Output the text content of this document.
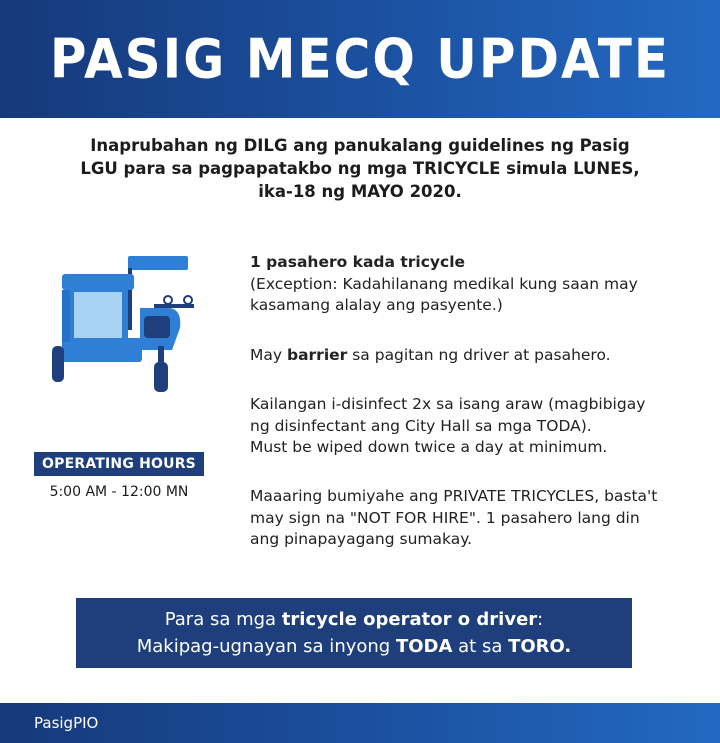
PASIG MECQ UPDATE
Inaprubahan ng DILG ang panukalang guidelines ng Pasig
LGU para sa pagpapatakbo ng mga TRICYCLE simula LUNES,
ika-18 ng MAYO 2020.
OPERATING HOURS
5:00 AM - 12:00 MN
1 pasahero kada tricycle
(Exception: Kadahilanang medikal kung saan may
kasamang alalay ang pasyente.)
May barrier sa pagitan ng driver at pasahero.
Kailangan i-disinfect 2x sa isang araw (magbibigay
ng disinfectant ang City Hall sa mga TODA).
Must be wiped down twice a day at minimum.
Maaaring bumiyahe ang PRIVATE TRICYCLES, basta't
may sign na "NOT FOR HIRE". 1 pasahero lang din
ang pinapayagang sumakay.
Para sa mga tricycle operator o driver:
Makipag-ugnayan sa inyong TODA at sa TORO.
PasigPIO
